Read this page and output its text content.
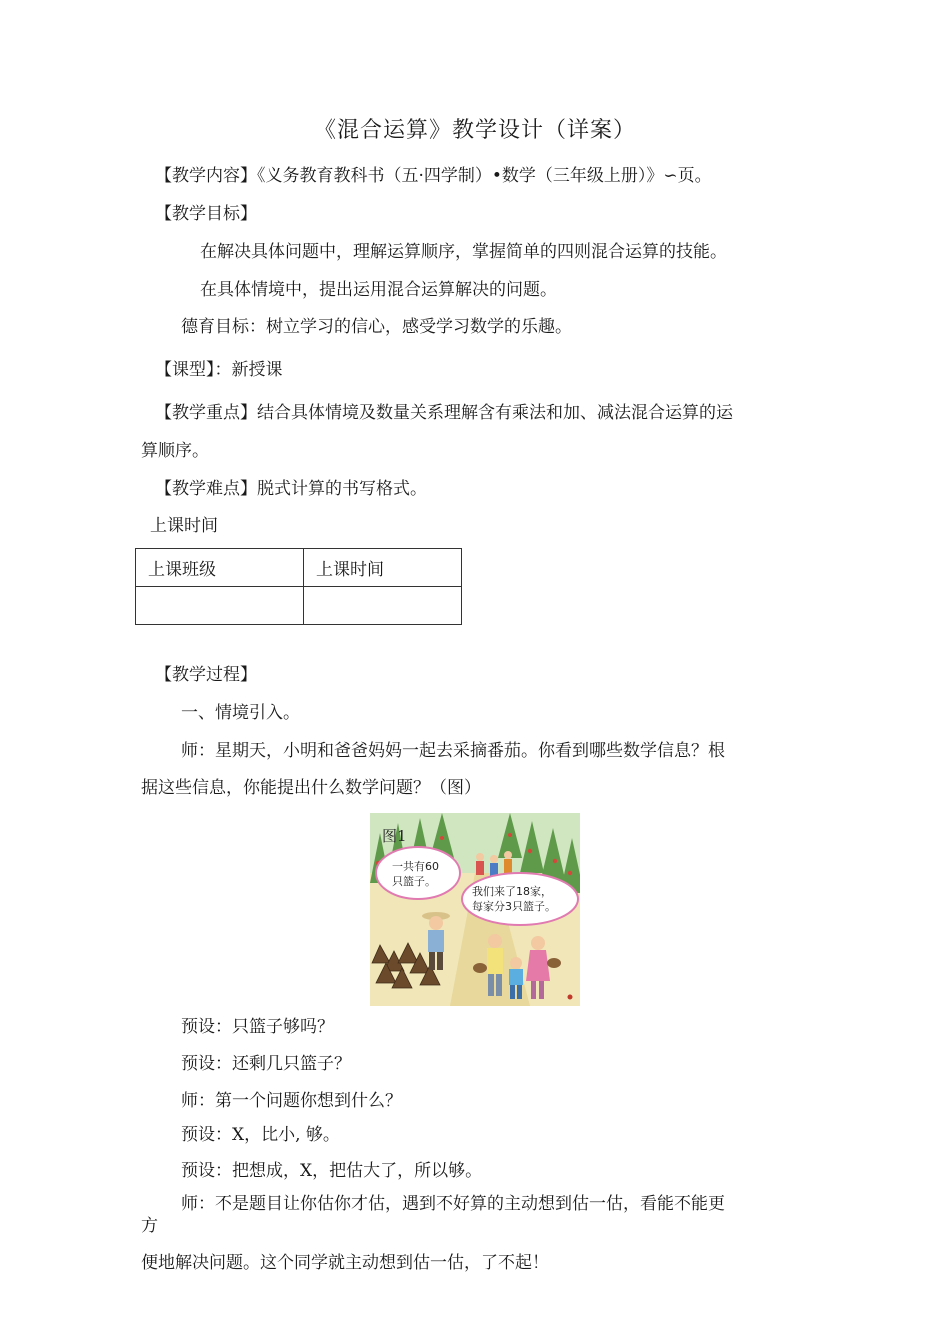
《混合运算》教学设计（详案）
【教学内容】《义务教育教科书（五·四学制）•数学（三年级上册）》∽页。
【教学目标】
在解决具体问题中，理解运算顺序，掌握简单的四则混合运算的技能。
在具体情境中，提出运用混合运算解决的问题。
德育目标：树立学习的信心，感受学习数学的乐趣。
【课型】：新授课
【教学重点】结合具体情境及数量关系理解含有乘法和加、减法混合运算的运
算顺序。
【教学难点】脱式计算的书写格式。
上课时间
上课班级	上课时间

【教学过程】
一、情境引入。
师：星期天，小明和爸爸妈妈一起去采摘番茄。你看到哪些数学信息？根
据这些信息，你能提出什么数学问题？（图）
一共有60
只篮子。
我们来了18家，
每家分3只篮子。
图1
预设：只篮子够吗？
预设：还剩几只篮子？
师：第一个问题你想到什么？
预设：X，比小, 够。
预设：把想成，X，把估大了，所以够。
师：不是题目让你估你才估，遇到不好算的主动想到估一估，看能不能更
方
便地解决问题。这个同学就主动想到估一估，了不起！
